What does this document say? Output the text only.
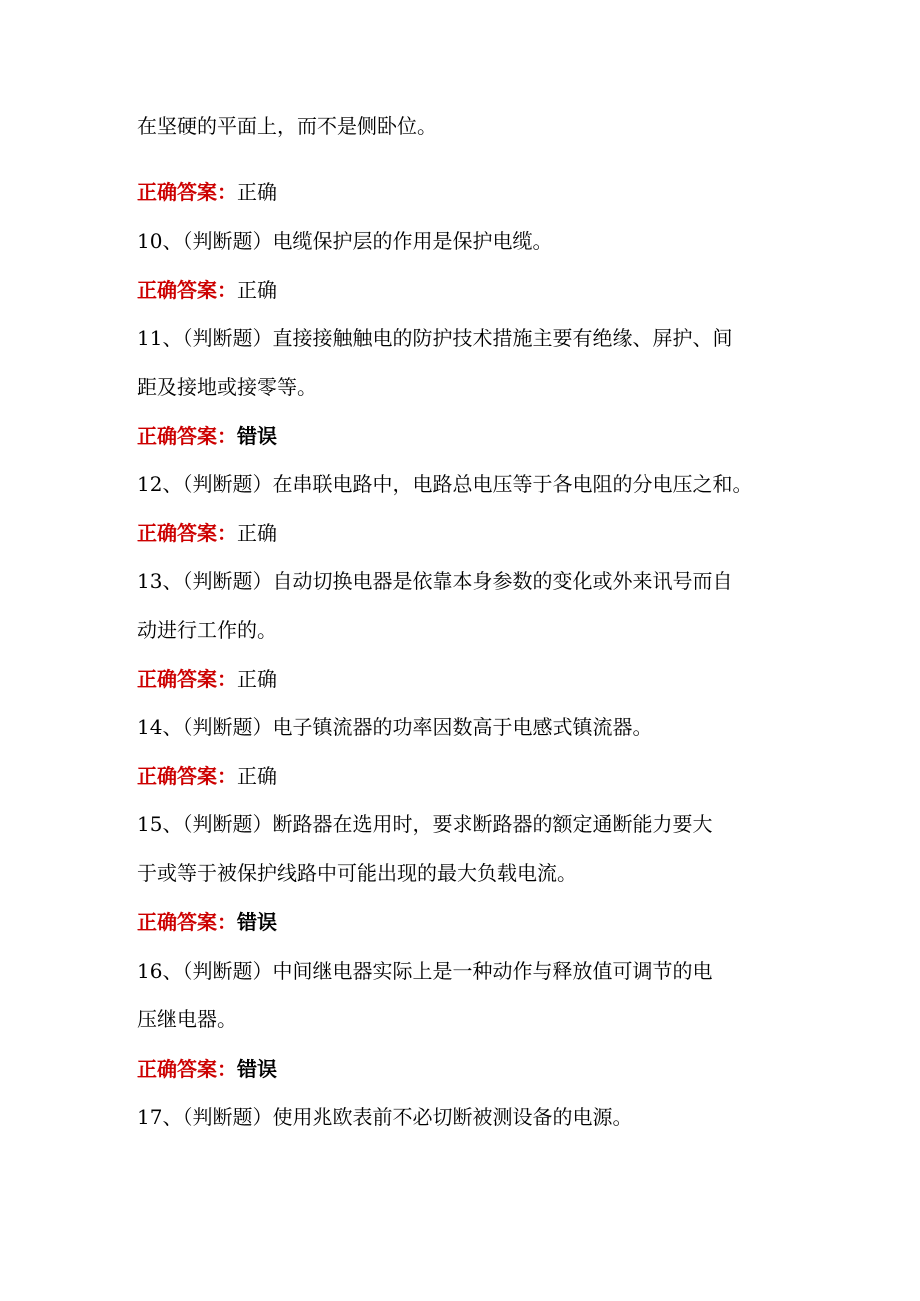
在坚硬的平面上，而不是侧卧位。
正确答案：正确
10、（判断题）电缆保护层的作用是保护电缆。
正确答案：正确
11、（判断题）直接接触触电的防护技术措施主要有绝缘、屏护、间
距及接地或接零等。
正确答案：错误
12、（判断题）在串联电路中，电路总电压等于各电阻的分电压之和。
正确答案：正确
13、（判断题）自动切换电器是依靠本身参数的变化或外来讯号而自
动进行工作的。
正确答案：正确
14、（判断题）电子镇流器的功率因数高于电感式镇流器。
正确答案：正确
15、（判断题）断路器在选用时，要求断路器的额定通断能力要大
于或等于被保护线路中可能出现的最大负载电流。
正确答案：错误
16、（判断题）中间继电器实际上是一种动作与释放值可调节的电
压继电器。
正确答案：错误
17、（判断题）使用兆欧表前不必切断被测设备的电源。
